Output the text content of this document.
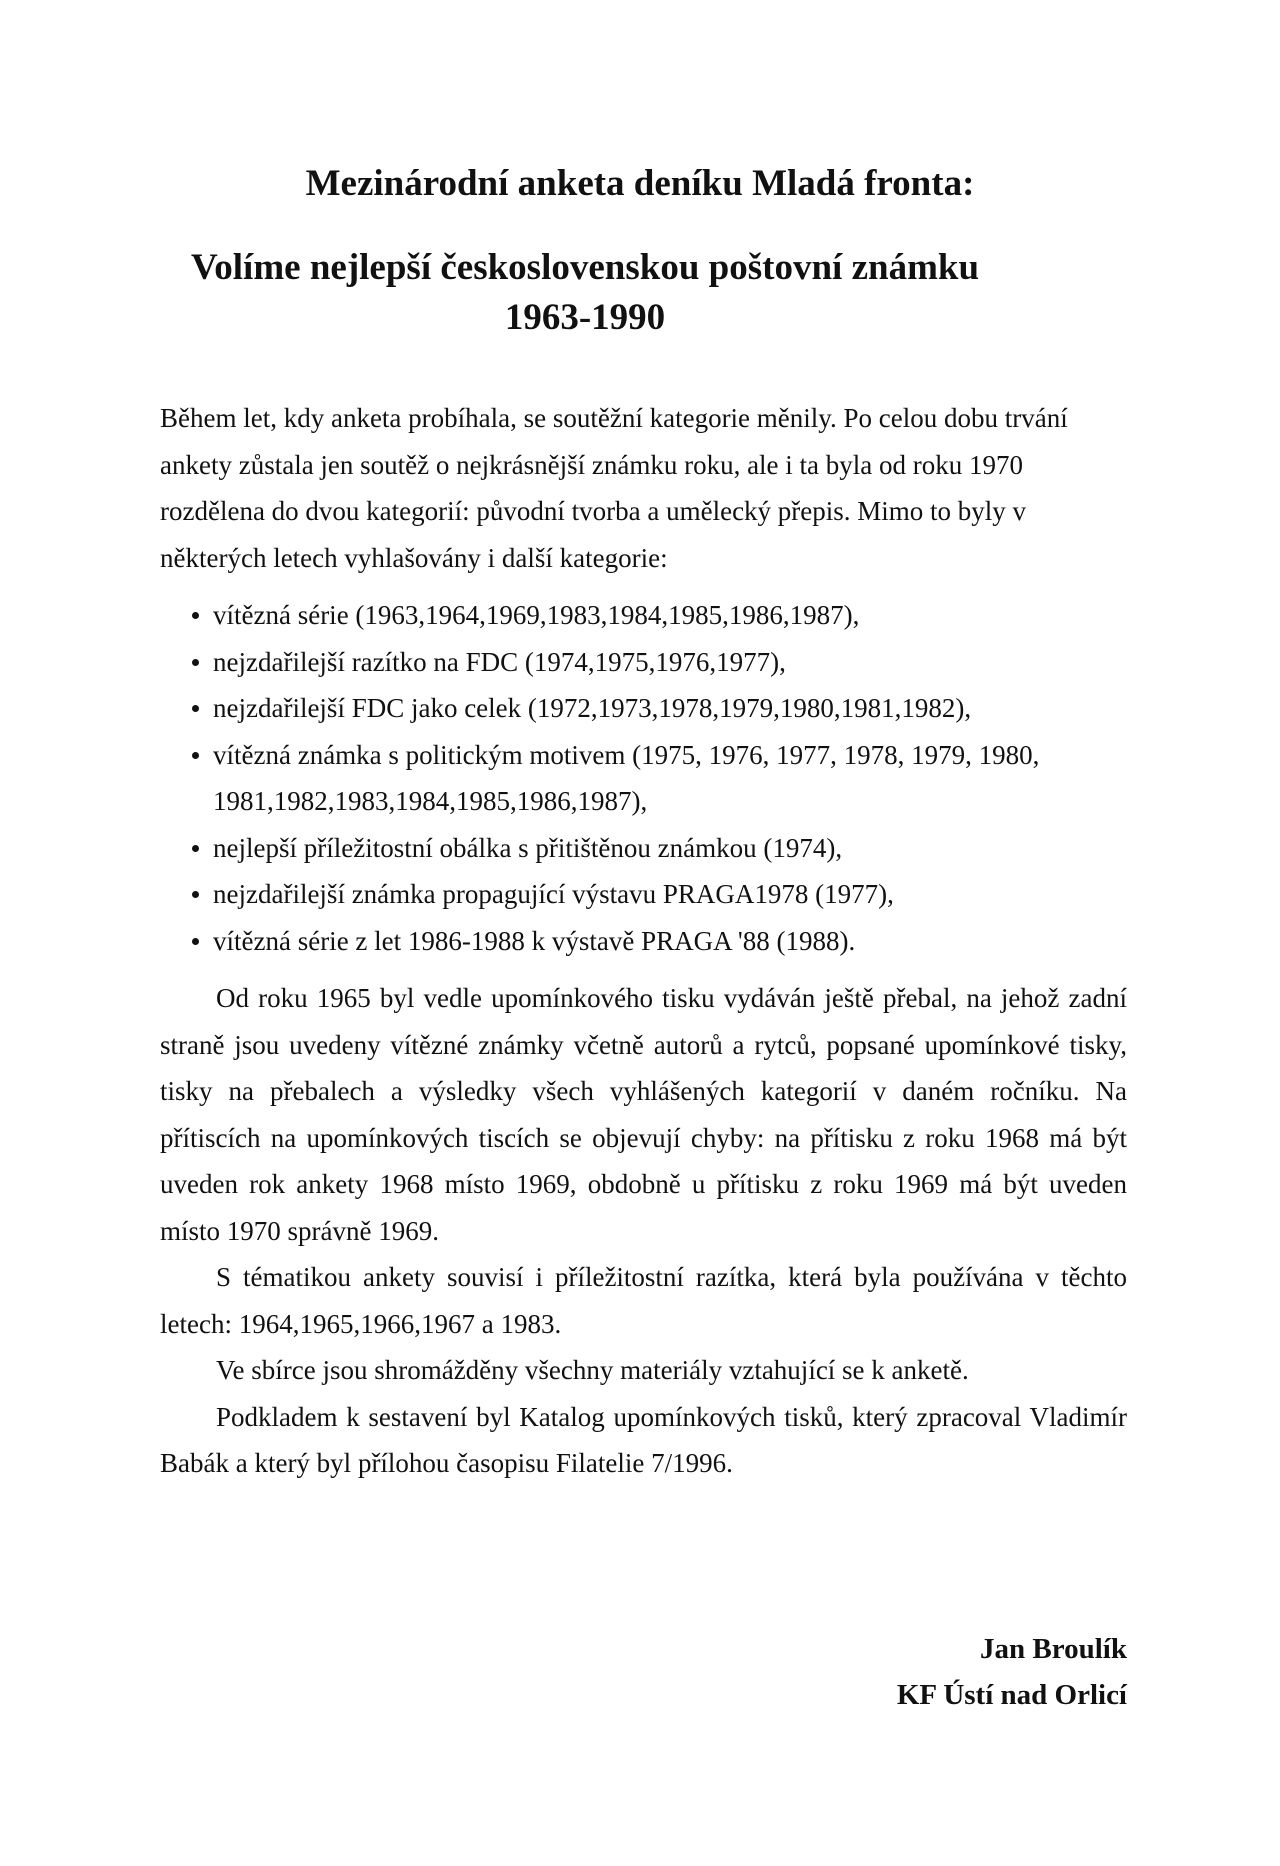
Mezinárodní anketa deníku Mladá fronta:
Volíme nejlepší československou poštovní známku
1963-1990

Během let, kdy anketa probíhala, se soutěžní kategorie měnily. Po celou dobu trvání ankety zůstala jen soutěž o nejkrásnější známku roku, ale i ta byla od roku 1970 rozdělena do dvou kategorií: původní tvorba a umělecký přepis. Mimo to byly v některých letech vyhlašovány i další kategorie:

vítězná série (1963,1964,1969,1983,1984,1985,1986,1987),
nejzdařilejší razítko na FDC (1974,1975,1976,1977),
nejzdařilejší FDC jako celek (1972,1973,1978,1979,1980,1981,1982),
vítězná známka s politickým motivem (1975, 1976, 1977, 1978, 1979, 1980, 1981,1982,1983,1984,1985,1986,1987),
nejlepší příležitostní obálka s přitištěnou známkou (1974),
nejzdařilejší známka propagující výstavu PRAGA1978 (1977),
vítězná série z let 1986-1988 k výstavě PRAGA '88 (1988).

Od roku 1965 byl vedle upomínkového tisku vydáván ještě přebal, na jehož zadní straně jsou uvedeny vítězné známky včetně autorů a rytců, popsané upomínkové tisky, tisky na přebalech a výsledky všech vyhlášených kategorií v daném ročníku. Na přítiscích na upomínkových tiscích se objevují chyby: na přítisku z roku 1968 má být uveden rok ankety 1968 místo 1969, obdobně u přítisku z roku 1969 má být uveden místo 1970 správně 1969.

S tématikou ankety souvisí i příležitostní razítka, která byla používána v těchto letech: 1964,1965,1966,1967 a 1983.

Ve sbírce jsou shromážděny všechny materiály vztahující se k anketě.

Podkladem k sestavení byl Katalog upomínkových tisků, který zpracoval Vladimír Babák a který byl přílohou časopisu Filatelie 7/1996.

Jan Broulík
KF Ústí nad Orlicí
